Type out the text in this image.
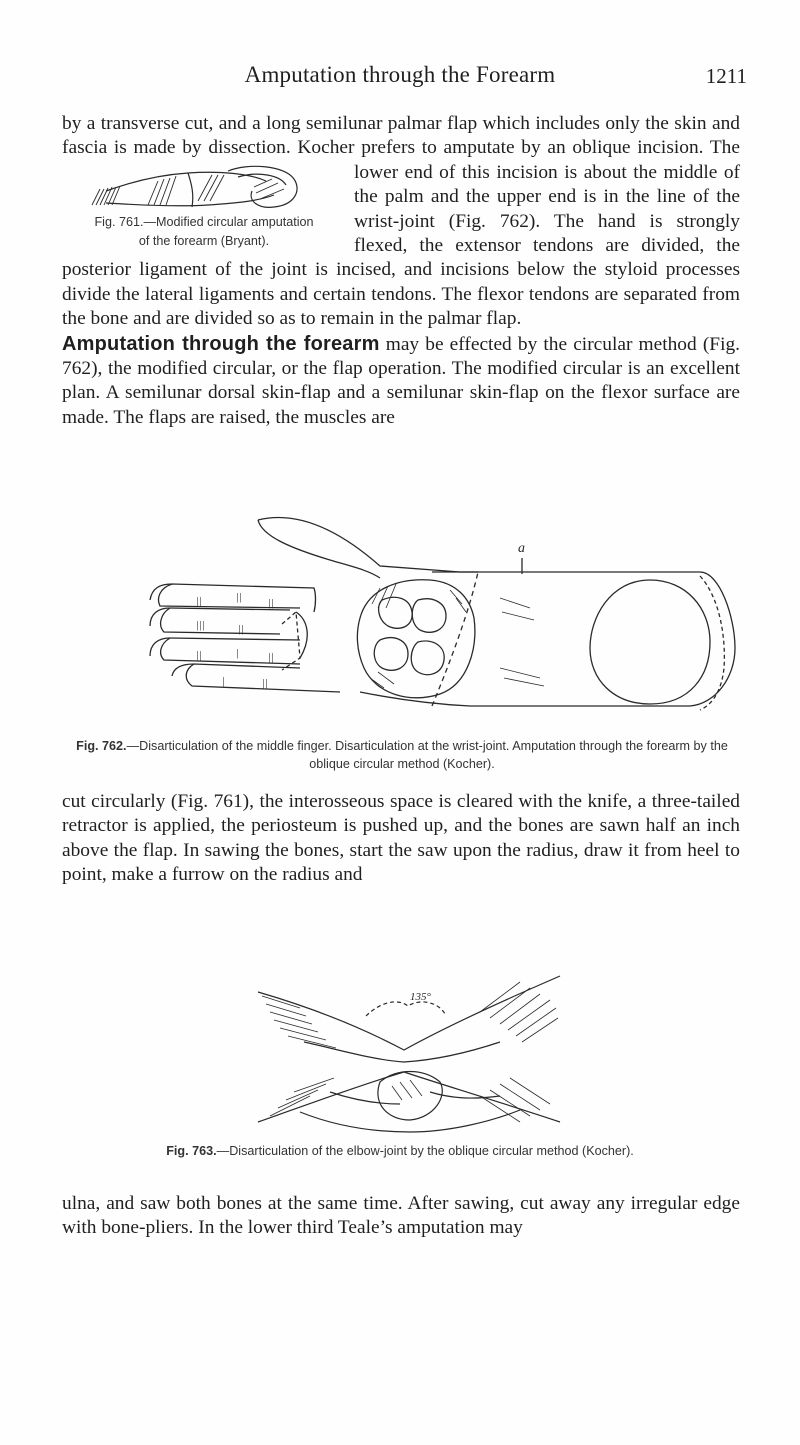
Amputation through the Forearm	1211
by a transverse cut, and a long semilunar palmar flap which includes only the skin and fascia is made by dissection. Kocher prefers to amputate by an
Fig. 761.—Modified circular amputation
of the forearm (Bryant).
oblique incision. The lower end of this incision is about the middle of the palm and the upper end is in the line of the wrist-joint (Fig. 762). The hand is strongly flexed, the extensor tendons are divided, the posterior ligament of the joint is incised, and incisions below the styloid processes divide the lateral ligaments and certain tendons. The flexor tendons are separated from the bone and are divided so as to remain in the palmar flap.
Amputation through the forearm may be effected by the circular method (Fig. 762), the modified circular, or the flap operation. The modified circular is an excellent plan. A semilunar dorsal skin-flap and a semilunar skin-flap on the flexor surface are made. The flaps are raised, the muscles are
||	|| ||
|||	||
||	|	||
|	||
a
Fig. 762.—Disarticulation of the middle finger. Disarticulation at the wrist-joint. Amputation through the forearm by the oblique circular method (Kocher).

cut circularly (Fig. 761), the interosseous space is cleared with the knife, a three-tailed retractor is applied, the periosteum is pushed up, and the bones are sawn half an inch above the flap. In sawing the bones, start the saw upon the radius, draw it from heel to point, make a furrow on the radius and

135°
Fig. 763.—Disarticulation of the elbow-joint by the oblique circular method (Kocher).

ulna, and saw both bones at the same time. After sawing, cut away any irregular edge with bone-pliers. In the lower third Teale’s amputation may
